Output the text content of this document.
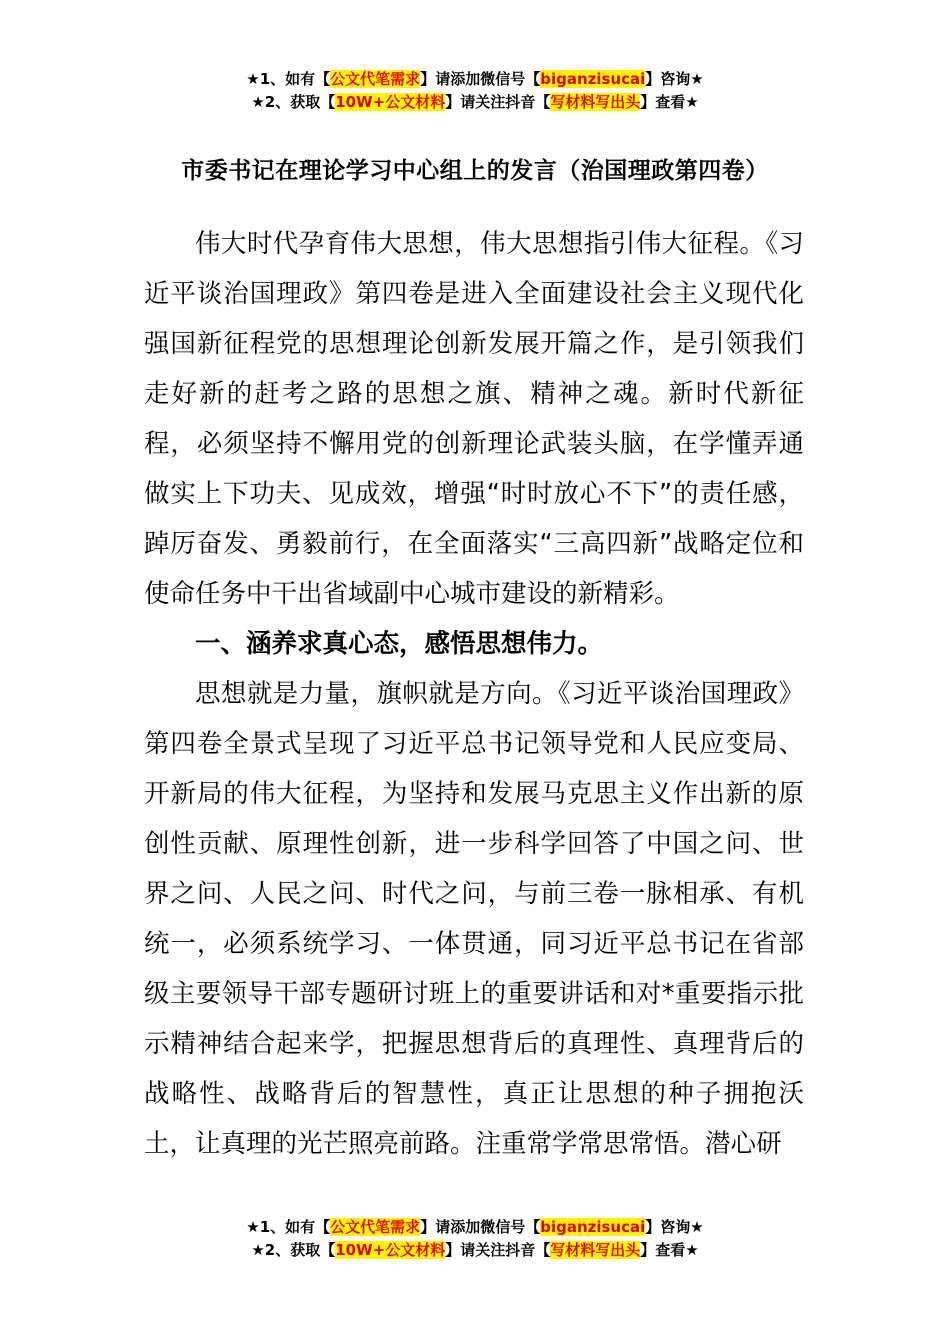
★1、如有【公文代笔需求】请添加微信号【biganzisucai】咨询★
★2、获取【10W+公文材料】请关注抖音【写材料写出头】查看★
市委书记在理论学习中心组上的发言（治国理政第四卷）

伟大时代孕育伟大思想，伟大思想指引伟大征程。《习近平谈治国理政》第四卷是进入全面建设社会主义现代化强国新征程党的思想理论创新发展开篇之作，是引领我们走好新的赶考之路的思想之旗、精神之魂。新时代新征程，必须坚持不懈用党的创新理论武装头脑，在学懂弄通做实上下功夫、见成效，增强“时时放心不下”的责任感，踔厉奋发、勇毅前行，在全面落实“三高四新”战略定位和使命任务中干出省域副中心城市建设的新精彩。

一、涵养求真心态，感悟思想伟力。

思想就是力量，旗帜就是方向。《习近平谈治国理政》第四卷全景式呈现了习近平总书记领导党和人民应变局、开新局的伟大征程，为坚持和发展马克思主义作出新的原创性贡献、原理性创新，进一步科学回答了中国之问、世界之问、人民之问、时代之问，与前三卷一脉相承、有机统一，必须系统学习、一体贯通，同习近平总书记在省部级主要领导干部专题研讨班上的重要讲话和对*重要指示批示精神结合起来学，把握思想背后的真理性、真理背后的战略性、战略背后的智慧性，真正让思想的种子拥抱沃土，让真理的光芒照亮前路。注重常学常思常悟。潜心研

★1、如有【公文代笔需求】请添加微信号【biganzisucai】咨询★
★2、获取【10W+公文材料】请关注抖音【写材料写出头】查看★
